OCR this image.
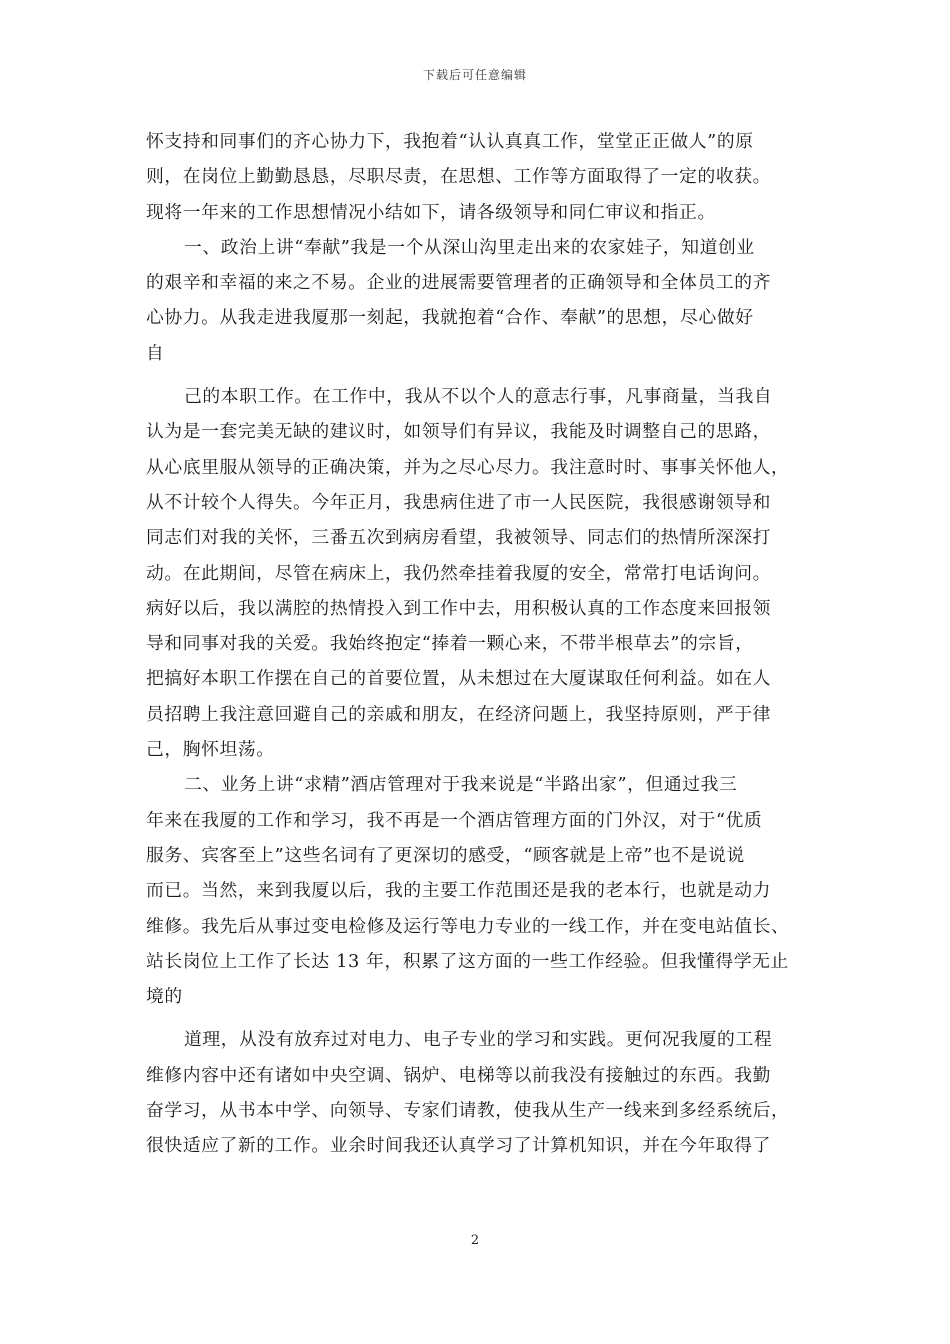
下载后可任意编辑
怀支持和同事们的齐心协力下，我抱着“认认真真工作，堂堂正正做人”的原
则，在岗位上勤勤恳恳，尽职尽责，在思想、工作等方面取得了一定的收获。
现将一年来的工作思想情况小结如下，请各级领导和同仁审议和指正。
一、政治上讲“奉献”我是一个从深山沟里走出来的农家娃子，知道创业
的艰辛和幸福的来之不易。企业的进展需要管理者的正确领导和全体员工的齐
心协力。从我走进我厦那一刻起，我就抱着“合作、奉献”的思想，尽心做好
自
己的本职工作。在工作中，我从不以个人的意志行事，凡事商量，当我自
认为是一套完美无缺的建议时，如领导们有异议，我能及时调整自己的思路，
从心底里服从领导的正确决策，并为之尽心尽力。我注意时时、事事关怀他人，
从不计较个人得失。今年正月，我患病住进了市一人民医院，我很感谢领导和
同志们对我的关怀，三番五次到病房看望，我被领导、同志们的热情所深深打
动。在此期间，尽管在病床上，我仍然牵挂着我厦的安全，常常打电话询问。
病好以后，我以满腔的热情投入到工作中去，用积极认真的工作态度来回报领
导和同事对我的关爱。我始终抱定“捧着一颗心来，不带半根草去”的宗旨，
把搞好本职工作摆在自己的首要位置，从未想过在大厦谋取任何利益。如在人
员招聘上我注意回避自己的亲戚和朋友，在经济问题上，我坚持原则，严于律
己，胸怀坦荡。
二、业务上讲“求精”酒店管理对于我来说是“半路出家”，但通过我三
年来在我厦的工作和学习，我不再是一个酒店管理方面的门外汉，对于“优质
服务、宾客至上”这些名词有了更深切的感受，“顾客就是上帝”也不是说说
而已。当然，来到我厦以后，我的主要工作范围还是我的老本行，也就是动力
维修。我先后从事过变电检修及运行等电力专业的一线工作，并在变电站值长、
站长岗位上工作了长达 13 年，积累了这方面的一些工作经验。但我懂得学无止
境的
道理，从没有放弃过对电力、电子专业的学习和实践。更何况我厦的工程
维修内容中还有诸如中央空调、锅炉、电梯等以前我没有接触过的东西。我勤
奋学习，从书本中学、向领导、专家们请教，使我从生产一线来到多经系统后，
很快适应了新的工作。业余时间我还认真学习了计算机知识，并在今年取得了
2
